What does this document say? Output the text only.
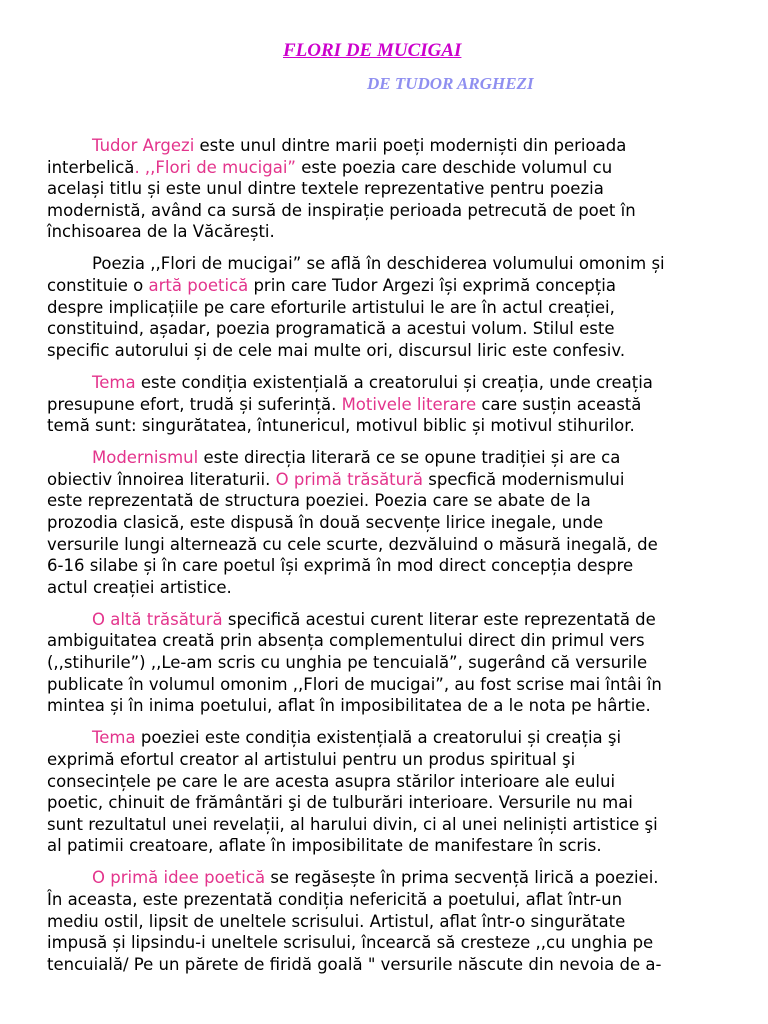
FLORI DE MUCIGAI
DE TUDOR ARGHEZI
Tudor Argezi este unul dintre marii poeți moderniști din perioada
interbelică. ,,Flori de mucigai” este poezia care deschide volumul cu
același titlu și este unul dintre textele reprezentative pentru poezia
modernistă, având ca sursă de inspirație perioada petrecută de poet în
închisoarea de la Văcărești.
Poezia ,,Flori de mucigai” se află în deschiderea volumului omonim și
constituie o artă poetică prin care Tudor Argezi își exprimă concepția
despre implicațiile pe care eforturile artistului le are în actul creației,
constituind, așadar, poezia programatică a acestui volum. Stilul este
specific autorului și de cele mai multe ori, discursul liric este confesiv.
Tema este condiția existențială a creatorului și creația, unde creația
presupune efort, trudă și suferință. Motivele literare care susțin această
temă sunt: singurătatea, întunericul, motivul biblic și motivul stihurilor.
Modernismul este direcția literară ce se opune tradiției și are ca
obiectiv înnoirea literaturii. O primă trăsătură specfică modernismului
este reprezentată de structura poeziei. Poezia care se abate de la
prozodia clasică, este dispusă în două secvențe lirice inegale, unde
versurile lungi alternează cu cele scurte, dezvăluind o măsură inegală, de
6-16 silabe și în care poetul își exprimă în mod direct concepția despre
actul creației artistice.
O altă trăsătură specifică acestui curent literar este reprezentată de
ambiguitatea creată prin absența complementului direct din primul vers
(,,stihurile”) ,,Le-am scris cu unghia pe tencuială”, sugerând că versurile
publicate în volumul omonim ,,Flori de mucigai”, au fost scrise mai întâi în
mintea și în inima poetului, aflat în imposibilitatea de a le nota pe hârtie.
Tema poeziei este condiția existențială a creatorului și creația şi
exprimă efortul creator al artistului pentru un produs spiritual şi
consecințele pe care le are acesta asupra stărilor interioare ale eului
poetic, chinuit de frământări şi de tulburări interioare. Versurile nu mai
sunt rezultatul unei revelații, al harului divin, ci al unei neliniști artistice şi
al patimii creatoare, aflate în imposibilitate de manifestare în scris.
O primă idee poetică se regăsește în prima secvență lirică a poeziei.
În aceasta, este prezentată condiția nefericită a poetului, aflat într-un
mediu ostil, lipsit de uneltele scrisului. Artistul, aflat într-o singurătate
impusă și lipsindu-i uneltele scrisului, încearcă să cresteze ,,cu unghia pe
tencuială/ Pe un părete de firidă goală " versurile născute din nevoia de a-
